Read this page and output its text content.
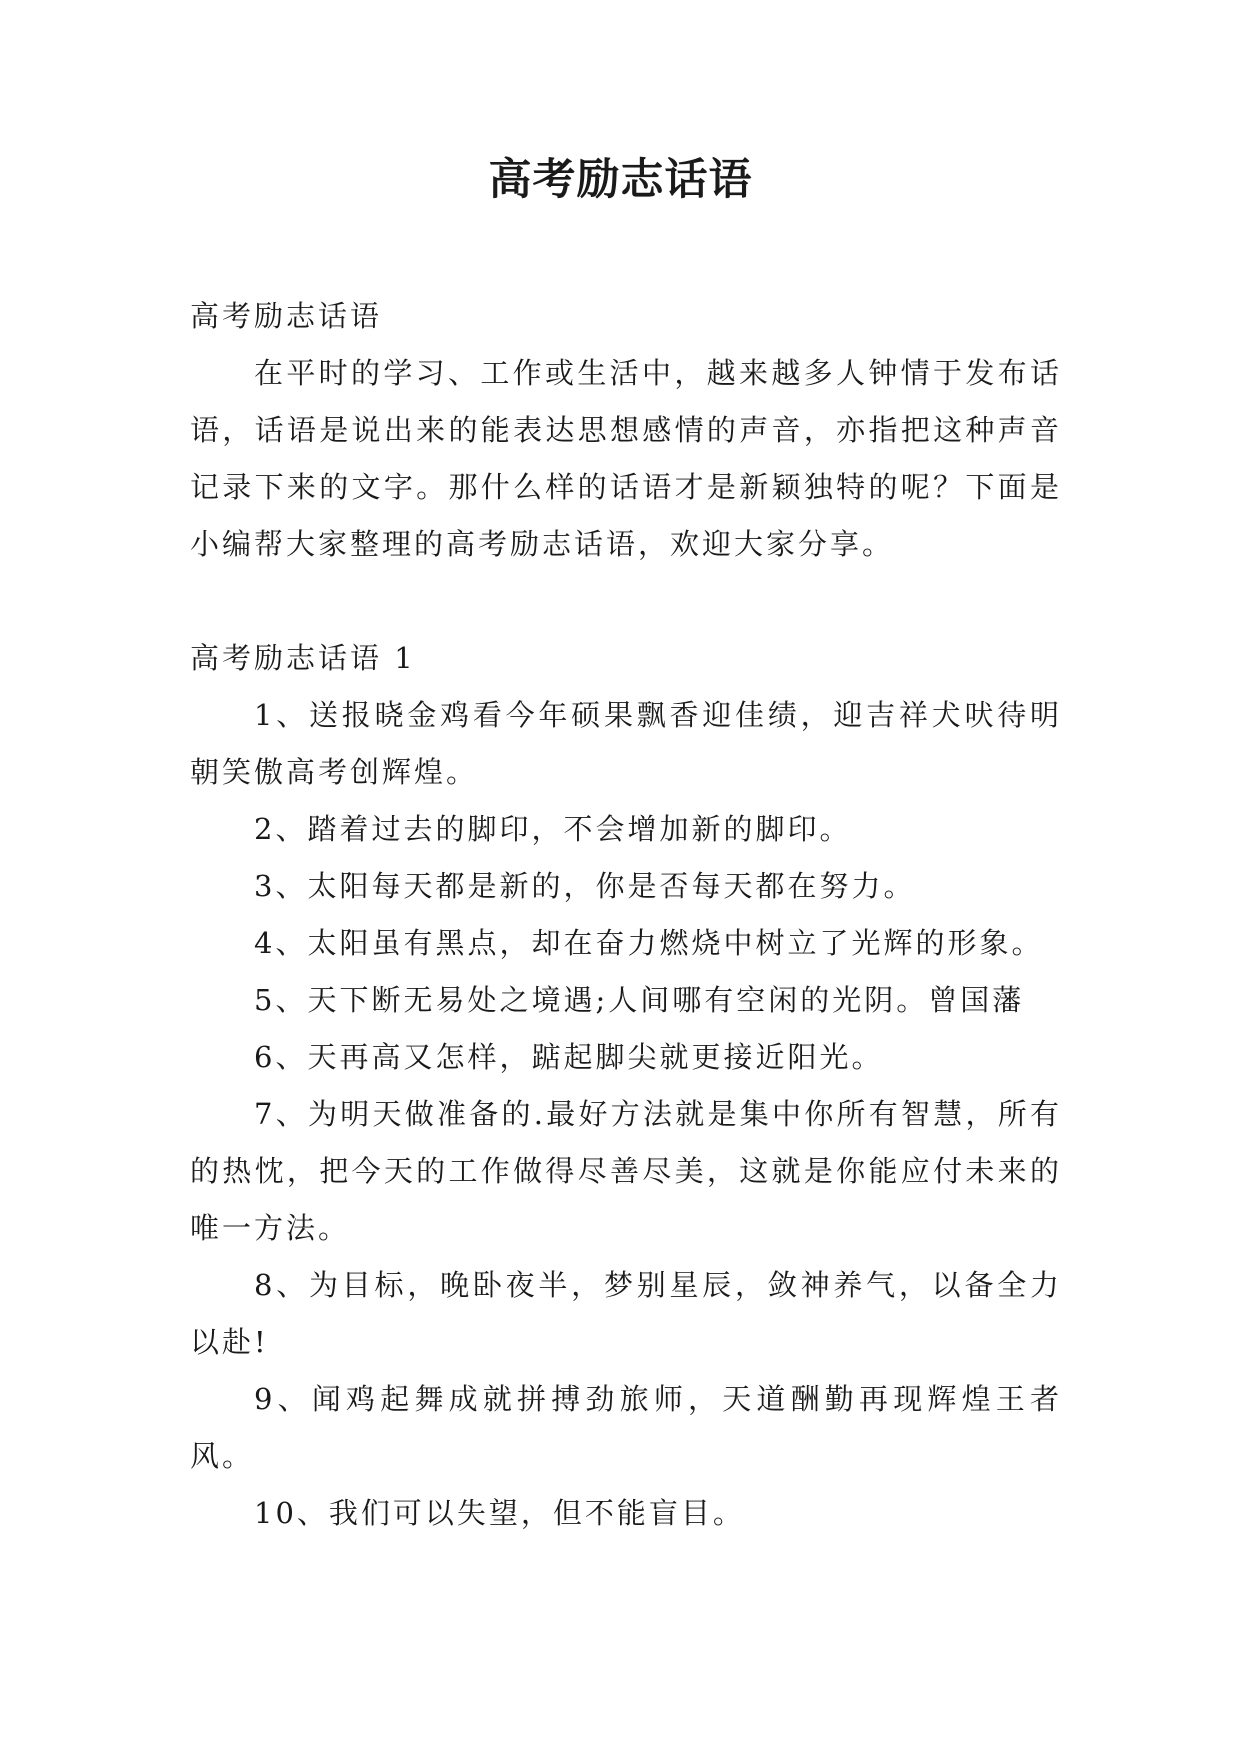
高考励志话语

高考励志话语

在平时的学习、工作或生活中，越来越多人钟情于发布话语，话语是说出来的能表达思想感情的声音，亦指把这种声音记录下来的文字。那什么样的话语才是新颖独特的呢？下面是小编帮大家整理的高考励志话语，欢迎大家分享。

高考励志话语 1

1、送报晓金鸡看今年硕果飘香迎佳绩，迎吉祥犬吠待明朝笑傲高考创辉煌。

2、踏着过去的脚印，不会增加新的脚印。

3、太阳每天都是新的，你是否每天都在努力。

4、太阳虽有黑点，却在奋力燃烧中树立了光辉的形象。

5、天下断无易处之境遇;人间哪有空闲的光阴。曾国藩

6、天再高又怎样，踮起脚尖就更接近阳光。

7、为明天做准备的.最好方法就是集中你所有智慧，所有的热忱，把今天的工作做得尽善尽美，这就是你能应付未来的唯一方法。

8、为目标，晚卧夜半，梦别星辰，敛神养气，以备全力以赴!

9、闻鸡起舞成就拼搏劲旅师，天道酬勤再现辉煌王者风。

10、我们可以失望，但不能盲目。
